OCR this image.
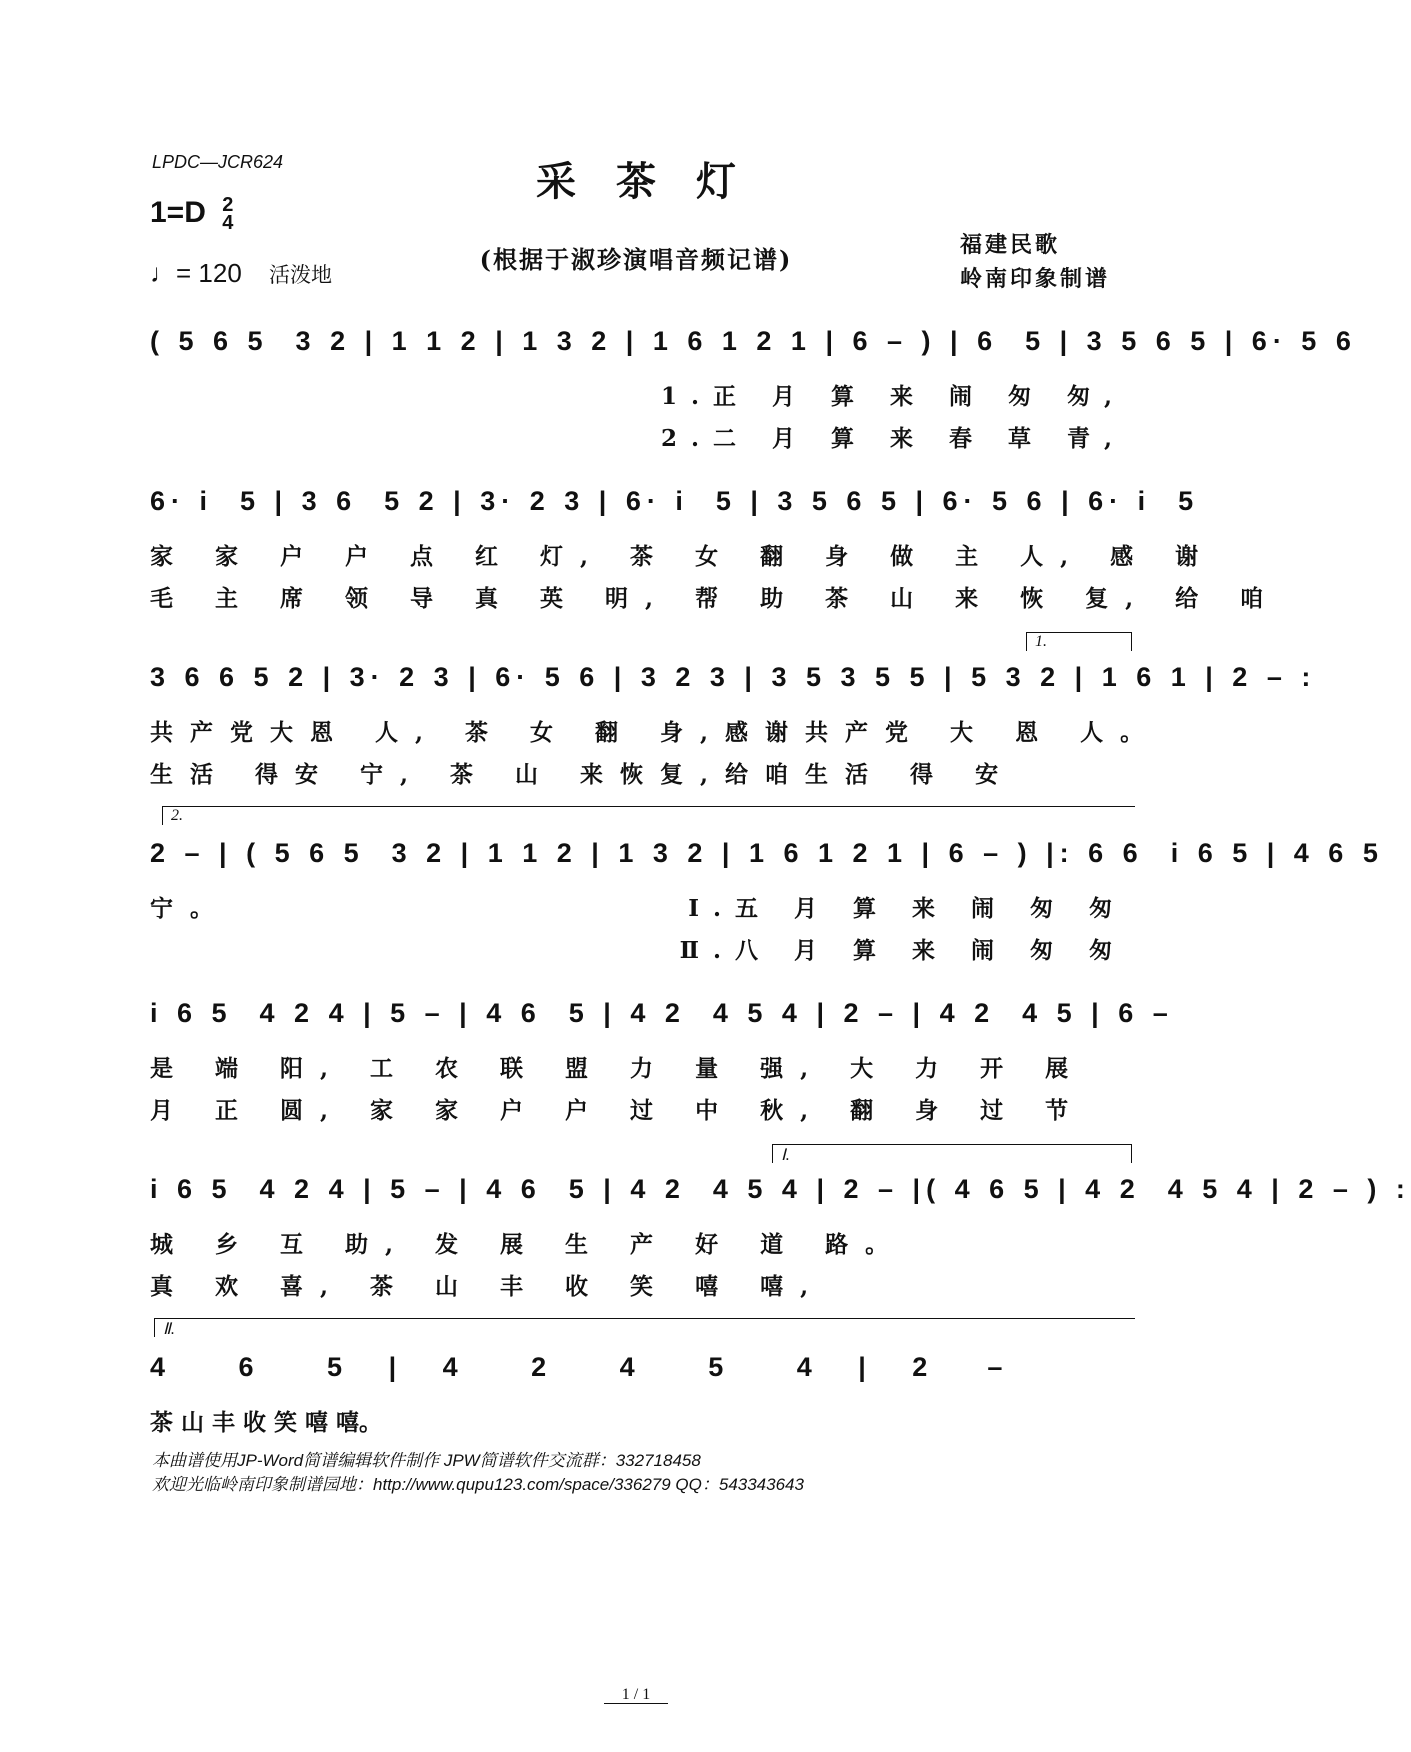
LPDC—JCR624	采茶灯
1=D 2
4
♩= 120 活泼地
(根据于淑珍演唱音频记谱)	福建民歌
岭南印象制谱
( 5 6 5  3 2 | 1 1 2 | 1 3 2 | 1 6 1 2 1 | 6 – ) | 6  5 | 3 5 6 5 | 6· 5 6
1.正 月 算 来 闹 匆 匆,
2.二 月 算 来 春 草 青,
6· i  5 | 3 6  5 2 | 3· 2 3 | 6· i  5 | 3 5 6 5 | 6· 5 6 | 6· i  5
家 家 户 户 点 红 灯, 茶 女 翻 身 做 主 人, 感 谢
毛 主 席 领 导 真 英 明, 帮 助 茶 山 来 恢 复, 给 咱
1.
3 6 6 5 2 | 3· 2 3 | 6· 5 6 | 3 2 3 | 3 5 3 5 5 | 5 3 2 | 1 6 1 | 2 – :
共产党大恩 人, 茶 女 翻 身,感谢共产党 大 恩 人。
生活 得安 宁, 茶 山 来恢复,给咱生活 得 安
2.
2 – | ( 5 6 5  3 2 | 1 1 2 | 1 3 2 | 1 6 1 2 1 | 6 – ) |: 6 6  i 6 5 | 4 6 5
宁。	Ⅰ.五 月 算 来 闹 匆 匆
Ⅱ.八 月 算 来 闹 匆 匆
i 6 5  4 2 4 | 5 – | 4 6  5 | 4 2  4 5 4 | 2 – | 4 2  4 5 | 6 –
是 端 阳, 工 农 联 盟 力 量 强, 大 力 开 展
月 正 圆, 家 家 户 户 过 中 秋, 翻 身 过 节
Ⅰ.
i 6 5  4 2 4 | 5 – | 4 6  5 | 4 2  4 5 4 | 2 – |( 4 6 5 | 4 2  4 5 4 | 2 – ) :
城 乡 互 助, 发 展 生 产 好 道 路。
真 欢 喜, 茶 山 丰 收 笑 嘻 嘻,
Ⅱ.
4     6     5   |   4     2     4     5     4   |   2    –
茶 山 丰 收 笑 嘻 嘻。
本曲谱使用JP-Word简谱编辑软件制作 JPW简谱软件交流群：332718458
欢迎光临岭南印象制谱园地：http://www.qupu123.com/space/336279 QQ：543343643
1 / 1
